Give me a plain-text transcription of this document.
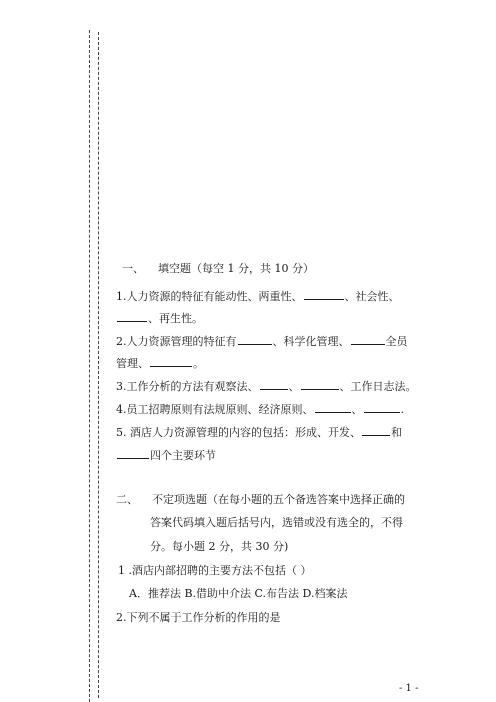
一、 填空题（每空 1 分，共 10 分）
1.人力资源的特征有能动性、两重性、	、社会性、
、再生性。
2.人力资源管理的特征有	、科学化管理、	全员
管理、	。
3.工作分析的方法有观察法、	、	、工作日志法。
4.员工招聘原则有法规原则、经济原则、	、	.
5. 酒店人力资源管理的内容的包括：形成、开发、	和
四个主要环节
二、 不定项选题（在每小题的五个备选答案中选择正确的
答案代码填入题后括号内，选错或没有选全的，不得
分。每小题 2 分，共 30 分)
1 .酒店内部招聘的主要方法不包括（ ）
A．推荐法 B.借助中介法 C.布告法 D.档案法
2.下列不属于工作分析的作用的是
- 1 -
